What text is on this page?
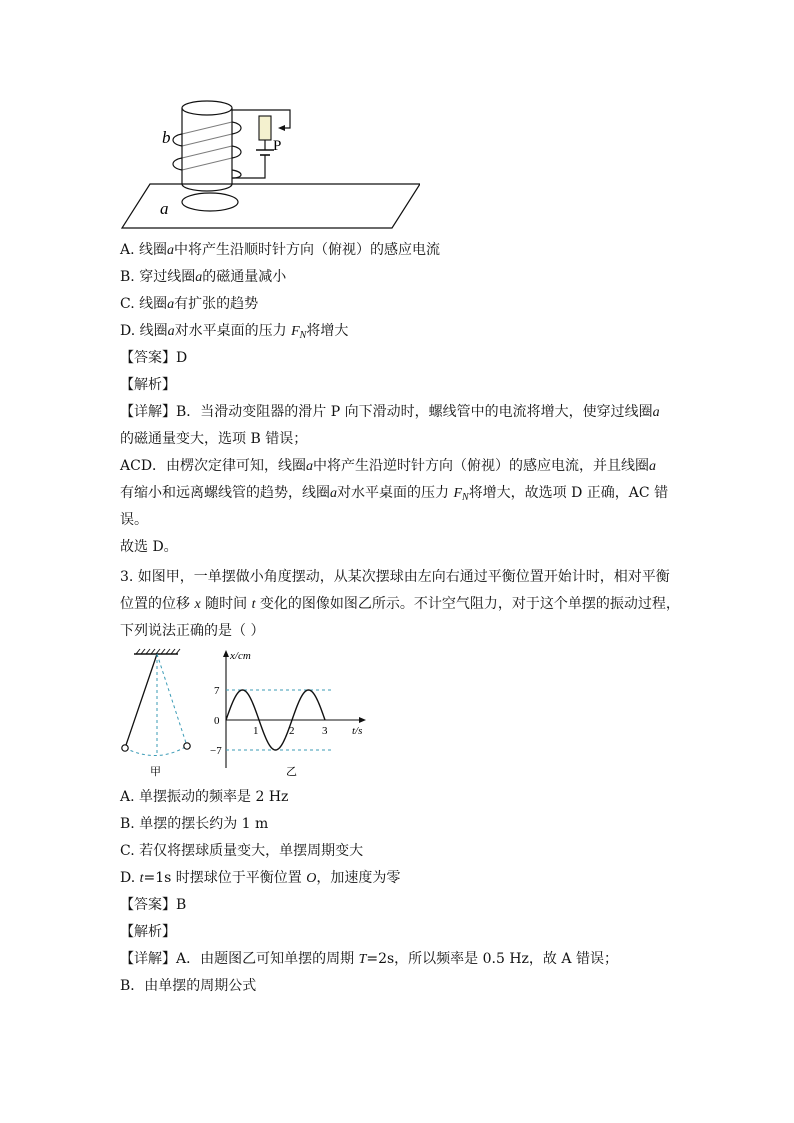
b	P
a
A. 线圈a中将产生沿顺时针方向（俯视）的感应电流
B. 穿过线圈a的磁通量减小
C. 线圈a有扩张的趋势
D. 线圈a对水平桌面的压力 $F_N$将增大
【答案】D
【解析】
【详解】B．当滑动变阻器的滑片 P 向下滑动时，螺线管中的电流将增大，使穿过线圈a
的磁通量变大，选项 B 错误；
ACD．由楞次定律可知，线圈a中将产生沿逆时针方向（俯视）的感应电流，并且线圈a
有缩小和远离螺线管的趋势，线圈a对水平桌面的压力 $F_N$将增大，故选项 D 正确，AC 错
误。
故选 D。
3. 如图甲，一单摆做小角度摆动，从某次摆球由左向右通过平衡位置开始计时，相对平衡
位置的位移 x 随时间 t 变化的图像如图乙所示。不计空气阻力，对于这个单摆的振动过程，
下列说法正确的是（ ）
甲
x/cm
t/s
7
0
−7
1	2	3
乙
A. 单摆振动的频率是 2 Hz
B. 单摆的摆长约为 1 m
C. 若仅将摆球质量变大，单摆周期变大
D. t=1s 时摆球位于平衡位置 O，加速度为零
【答案】B
【解析】
【详解】A．由题图乙可知单摆的周期 T=2s，所以频率是 0.5 Hz，故 A 错误；
B．由单摆的周期公式
